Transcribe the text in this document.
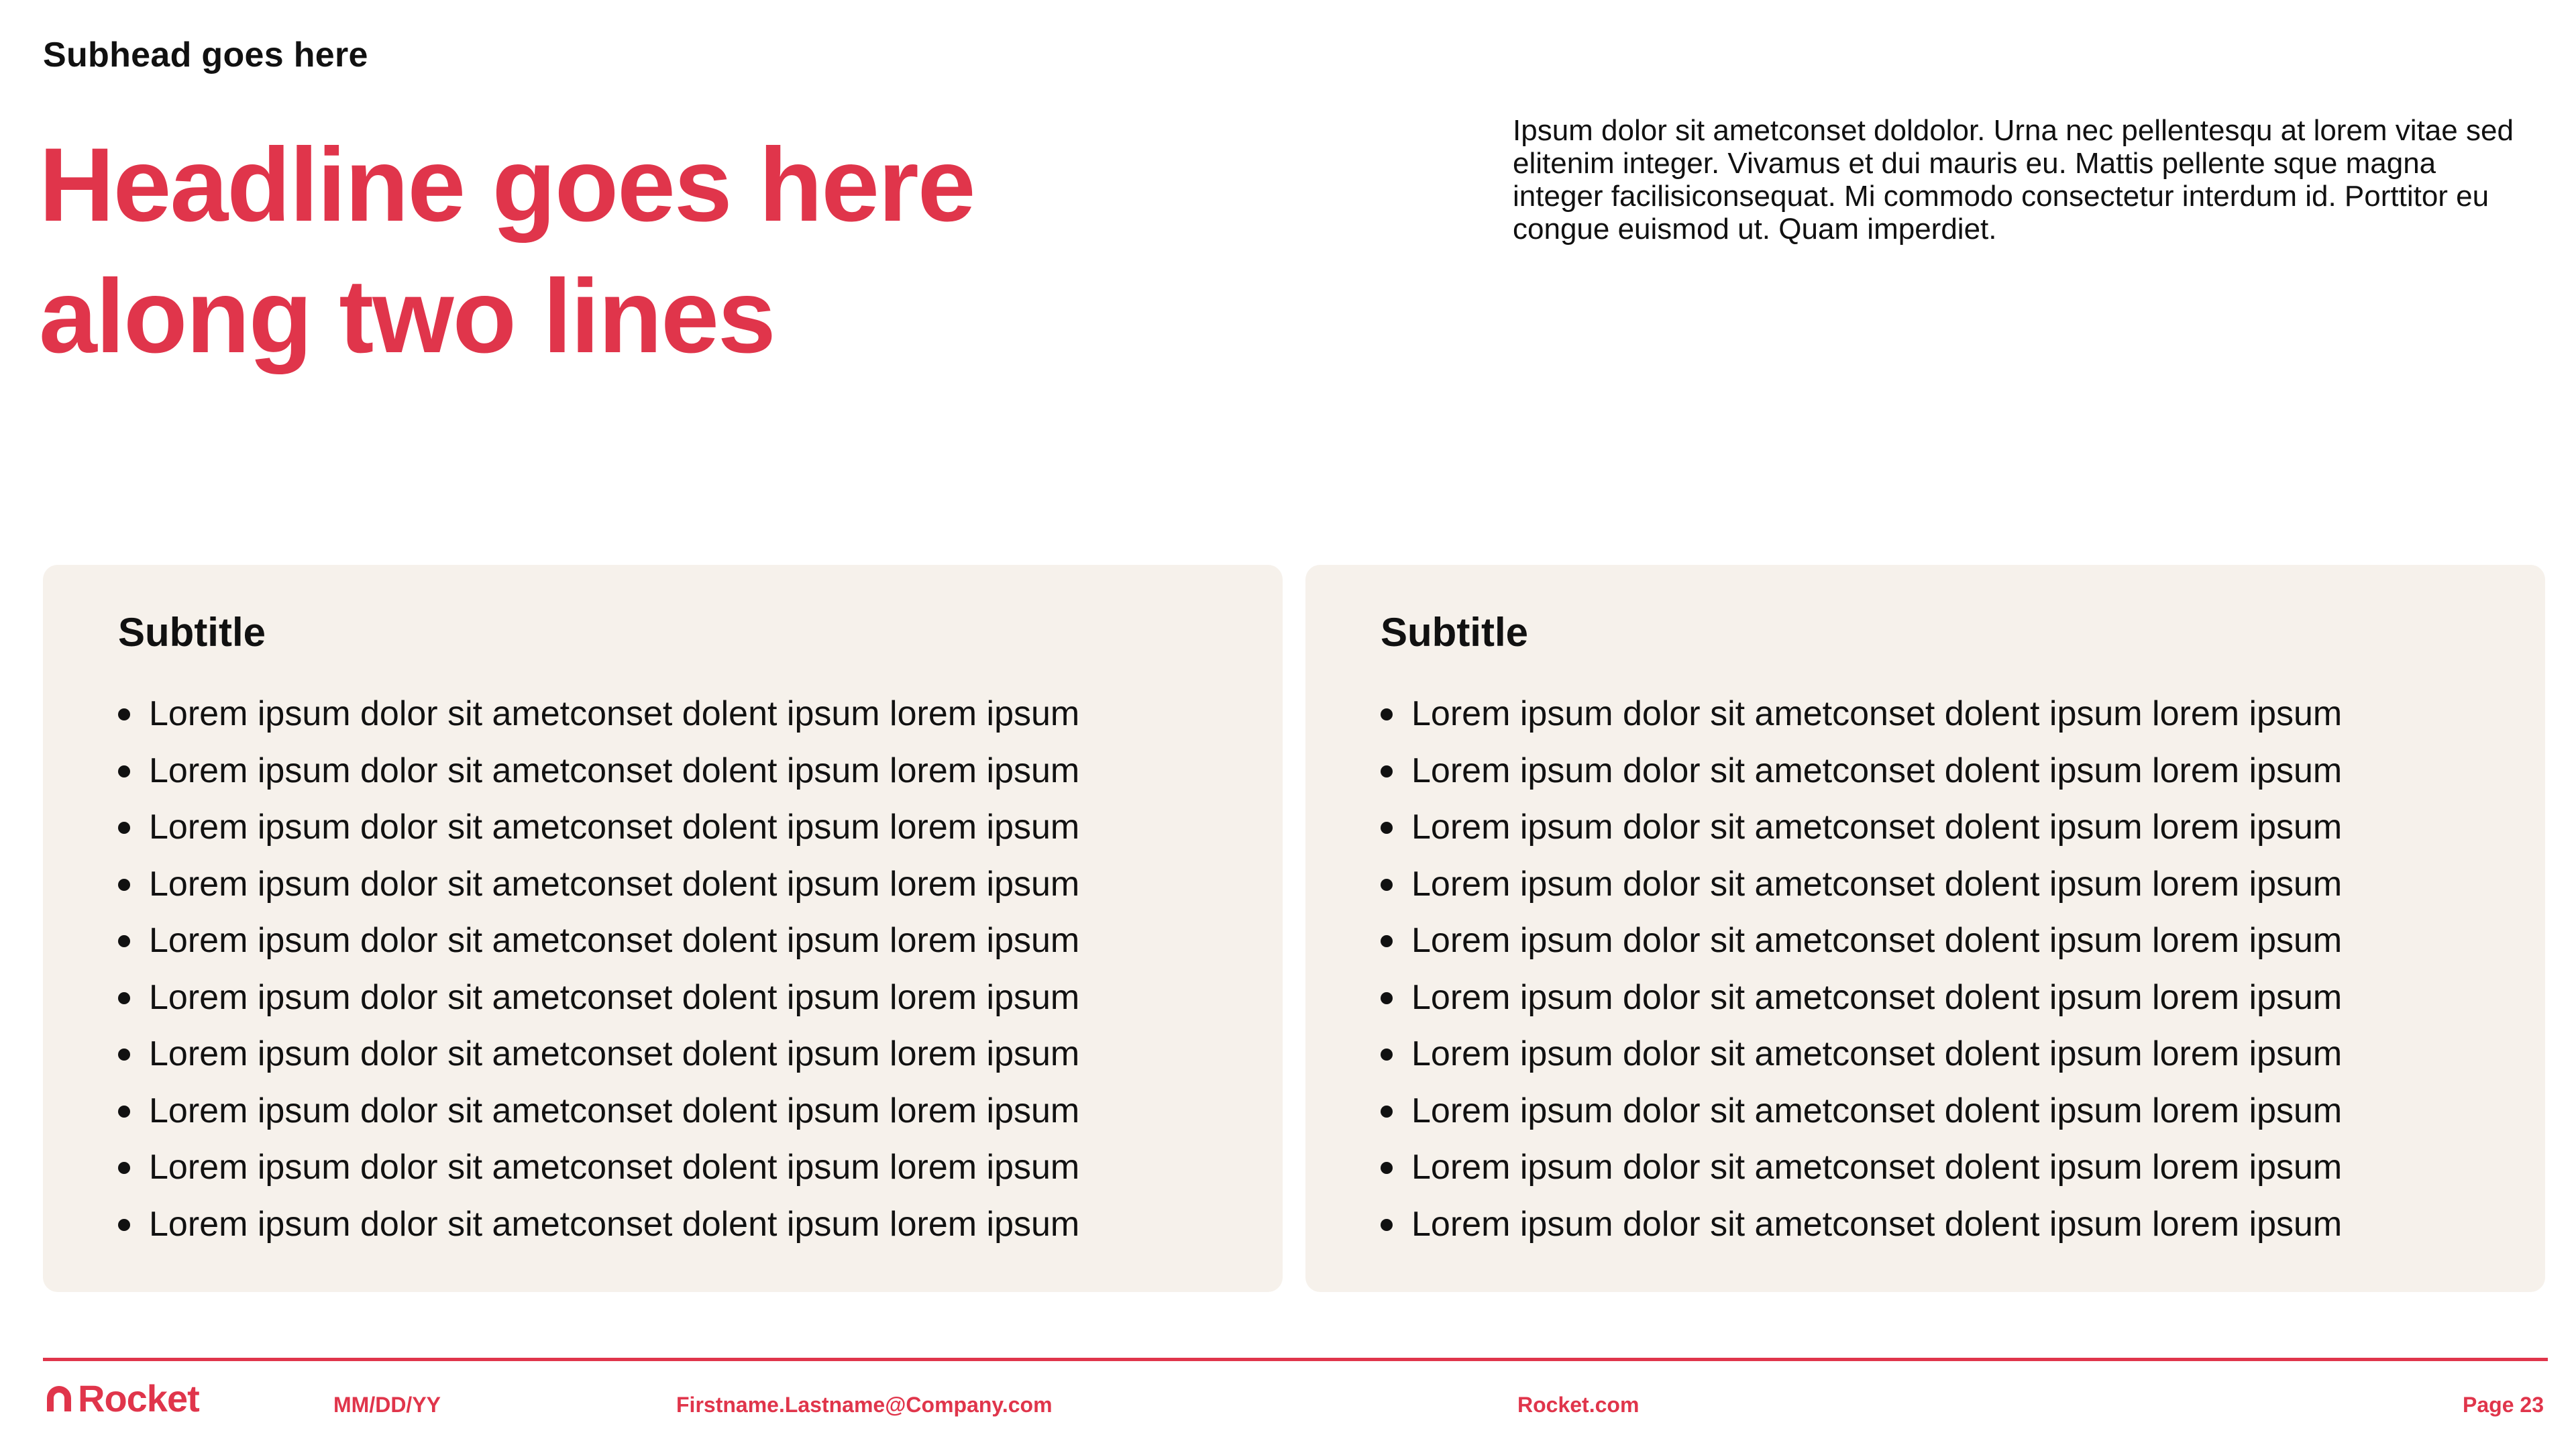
Subhead goes here
Headline goes here
along two lines
Ipsum dolor sit ametconset doldolor. Urna nec pellentesqu at lorem vitae sed elitenim integer. Vivamus et dui mauris eu. Mattis pellente sque magna integer facilisiconsequat. Mi commodo consectetur interdum id. Porttitor eu congue euismod ut. Quam imperdiet.
Subtitle
Lorem ipsum dolor sit ametconset dolent ipsum lorem ipsum
Lorem ipsum dolor sit ametconset dolent ipsum lorem ipsum
Lorem ipsum dolor sit ametconset dolent ipsum lorem ipsum
Lorem ipsum dolor sit ametconset dolent ipsum lorem ipsum
Lorem ipsum dolor sit ametconset dolent ipsum lorem ipsum
Lorem ipsum dolor sit ametconset dolent ipsum lorem ipsum
Lorem ipsum dolor sit ametconset dolent ipsum lorem ipsum
Lorem ipsum dolor sit ametconset dolent ipsum lorem ipsum
Lorem ipsum dolor sit ametconset dolent ipsum lorem ipsum
Lorem ipsum dolor sit ametconset dolent ipsum lorem ipsum
Subtitle
Lorem ipsum dolor sit ametconset dolent ipsum lorem ipsum
Lorem ipsum dolor sit ametconset dolent ipsum lorem ipsum
Lorem ipsum dolor sit ametconset dolent ipsum lorem ipsum
Lorem ipsum dolor sit ametconset dolent ipsum lorem ipsum
Lorem ipsum dolor sit ametconset dolent ipsum lorem ipsum
Lorem ipsum dolor sit ametconset dolent ipsum lorem ipsum
Lorem ipsum dolor sit ametconset dolent ipsum lorem ipsum
Lorem ipsum dolor sit ametconset dolent ipsum lorem ipsum
Lorem ipsum dolor sit ametconset dolent ipsum lorem ipsum
Lorem ipsum dolor sit ametconset dolent ipsum lorem ipsum
Rocket	MM/DD/YY	Firstname.Lastname@Company.com	Rocket.com	Page 23
